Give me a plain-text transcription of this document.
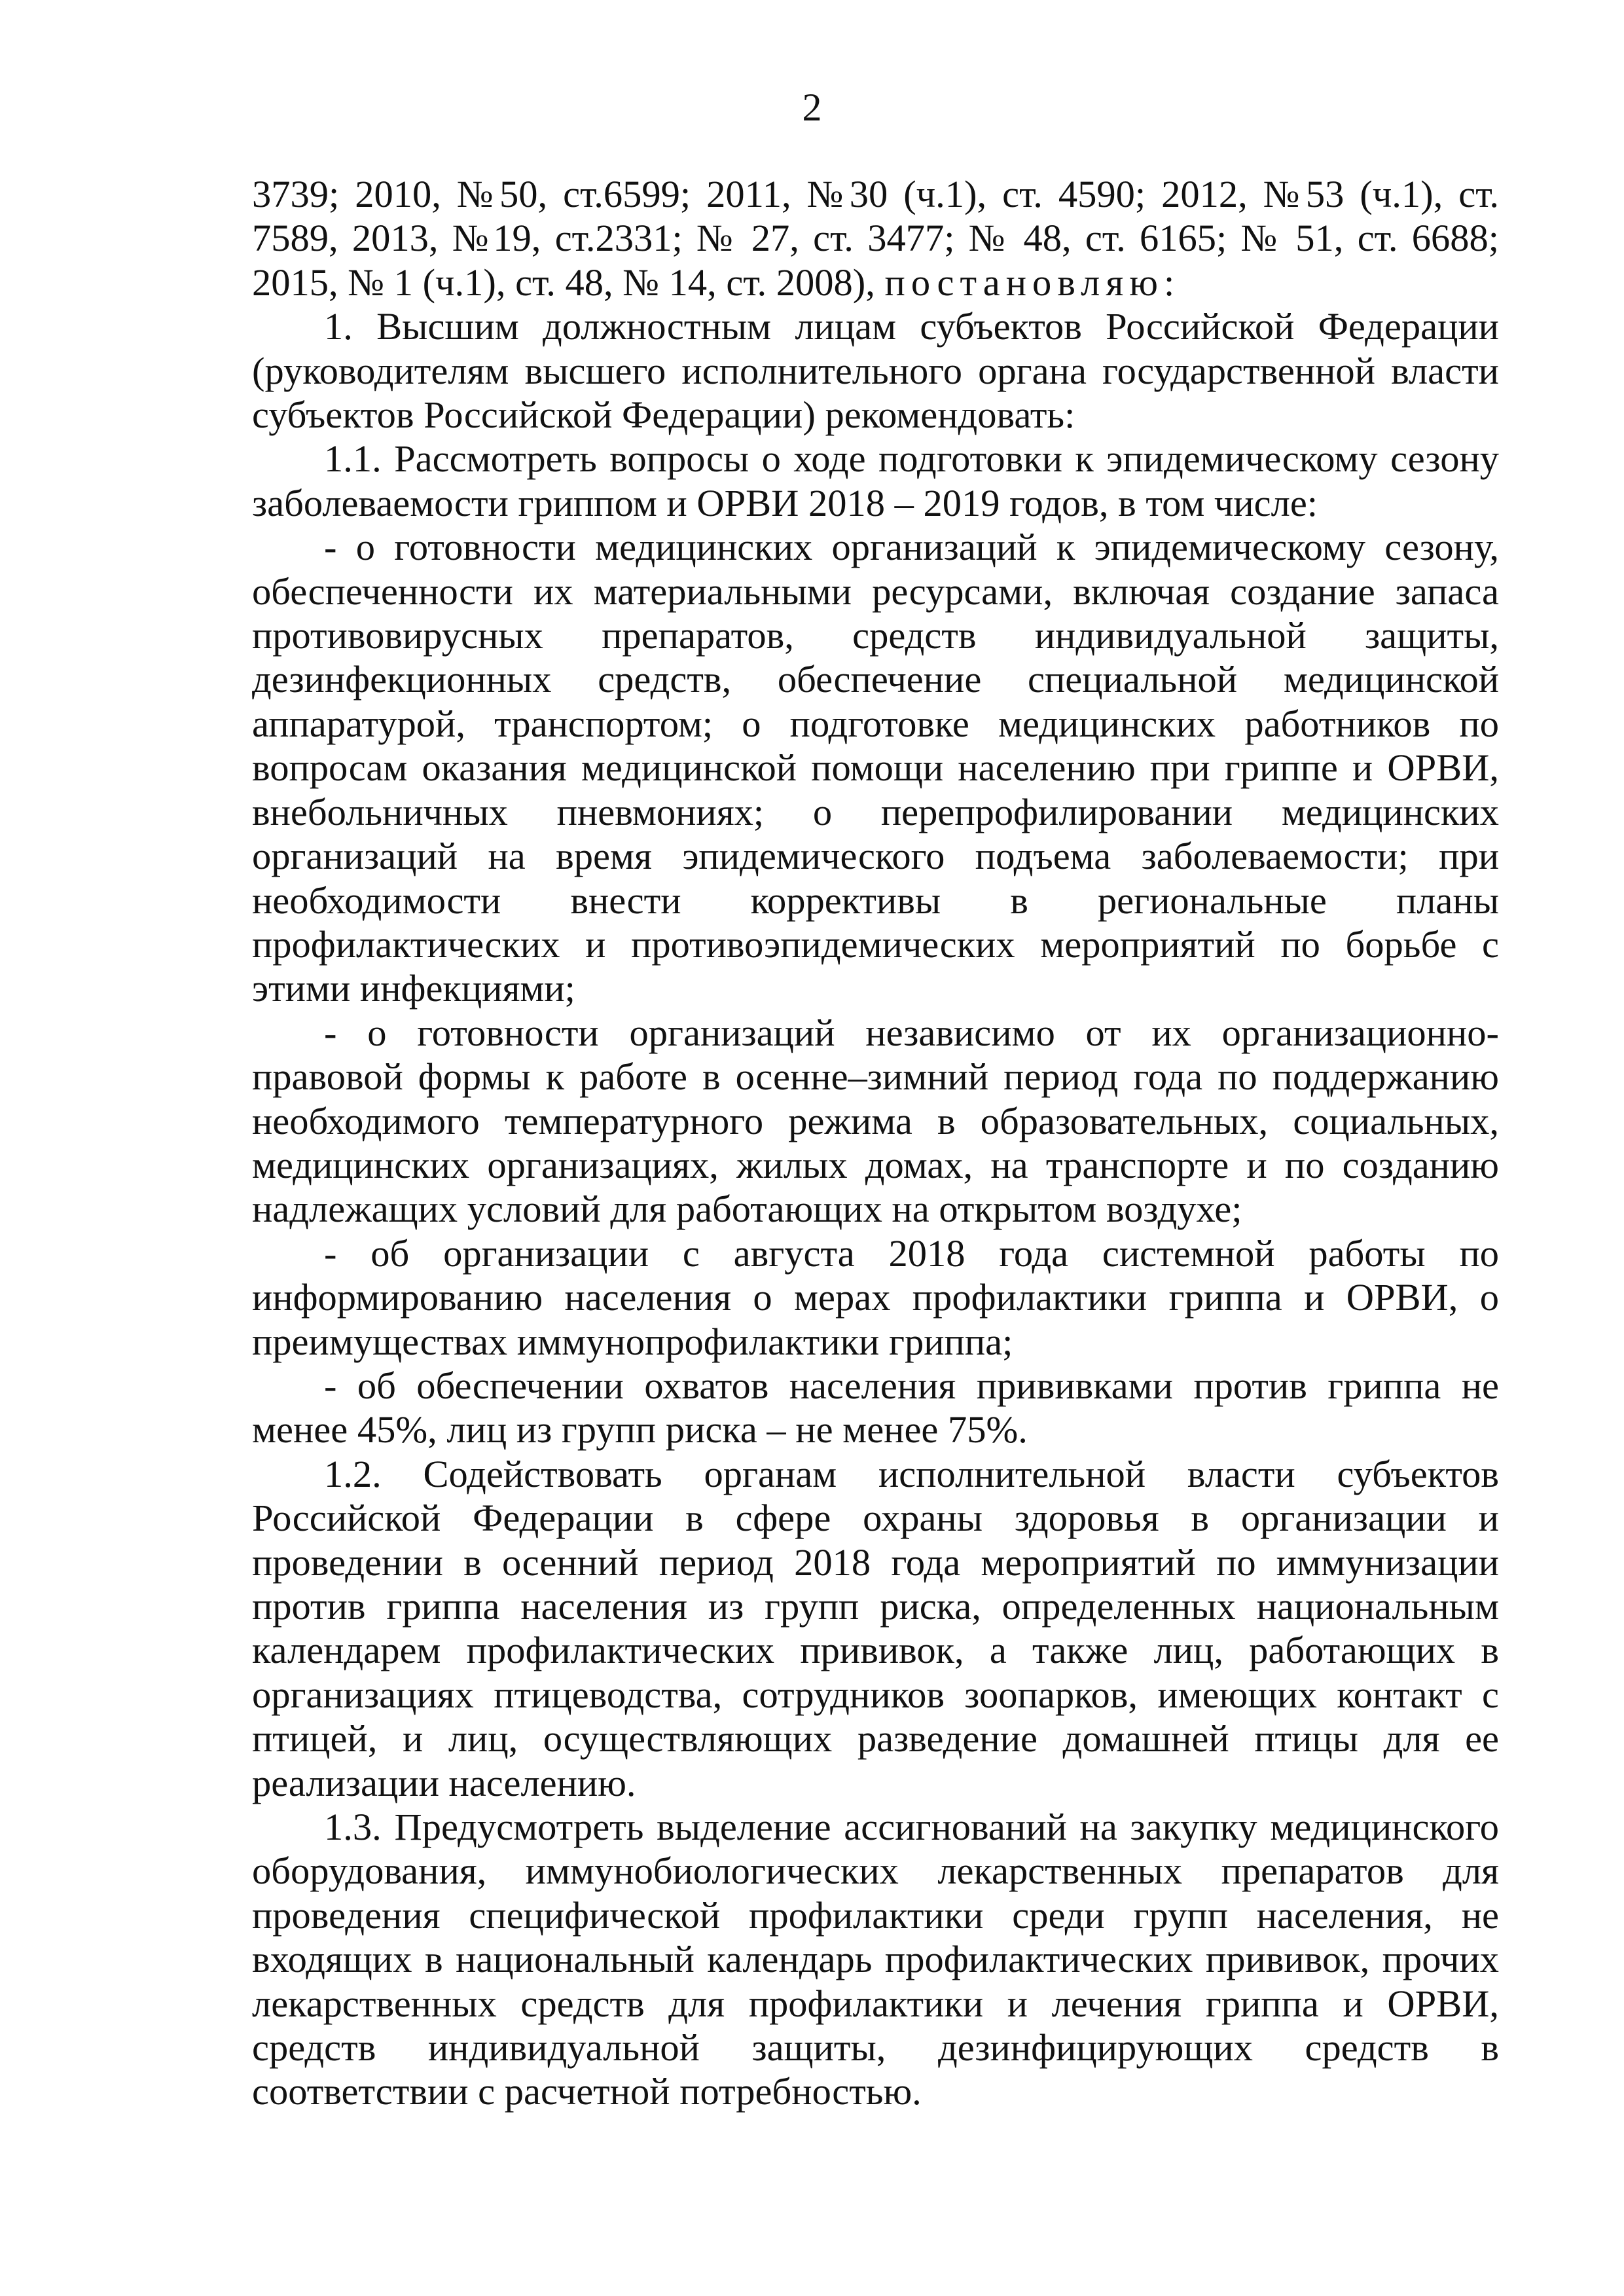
2

3739; 2010, №50, ст.6599; 2011, №30 (ч.1), ст. 4590; 2012, №53 (ч.1), ст. 7589, 2013, №19, ст.2331; № 27, ст. 3477; № 48, ст. 6165; № 51, ст. 6688; 2015, № 1 (ч.1), ст. 48, № 14, ст. 2008), постановляю:

1. Высшим должностным лицам субъектов Российской Федерации (руководителям высшего исполнительного органа государственной власти субъектов Российской Федерации) рекомендовать:

1.1. Рассмотреть вопросы о ходе подготовки к эпидемическому сезону заболеваемости гриппом и ОРВИ 2018 – 2019 годов, в том числе:

- о готовности медицинских организаций к эпидемическому сезону, обеспеченности их материальными ресурсами, включая создание запаса противовирусных препаратов, средств индивидуальной защиты, дезинфекционных средств, обеспечение специальной медицинской аппаратурой, транспортом; о подготовке медицинских работников по вопросам оказания медицинской помощи населению при гриппе и ОРВИ, внебольничных пневмониях; о перепрофилировании медицинских организаций на время эпидемического подъема заболеваемости; при необходимости внести коррективы в региональные планы профилактических и противоэпидемических мероприятий по борьбе с этими инфекциями;

- о готовности организаций независимо от их организационно-правовой формы к работе в осенне–зимний период года по поддержанию необходимого температурного режима в образовательных, социальных, медицинских организациях, жилых домах, на транспорте и по созданию надлежащих условий для работающих на открытом воздухе;

- об организации с августа 2018 года системной работы по информированию населения о мерах профилактики гриппа и ОРВИ, о преимуществах иммунопрофилактики гриппа;

- об обеспечении охватов населения прививками против гриппа не менее 45%, лиц из групп риска – не менее 75%.

1.2. Содействовать органам исполнительной власти субъектов Российской Федерации в сфере охраны здоровья в организации и проведении в осенний период 2018 года мероприятий по иммунизации против гриппа населения из групп риска, определенных национальным календарем профилактических прививок, а также лиц, работающих в организациях птицеводства, сотрудников зоопарков, имеющих контакт с птицей, и лиц, осуществляющих разведение домашней птицы для ее реализации населению.

1.3. Предусмотреть выделение ассигнований на закупку медицинского оборудования, иммунобиологических лекарственных препаратов для проведения специфической профилактики среди групп населения, не входящих в национальный календарь профилактических прививок, прочих лекарственных средств для профилактики и лечения гриппа и ОРВИ, средств индивидуальной защиты, дезинфицирующих средств в соответствии с расчетной потребностью.
